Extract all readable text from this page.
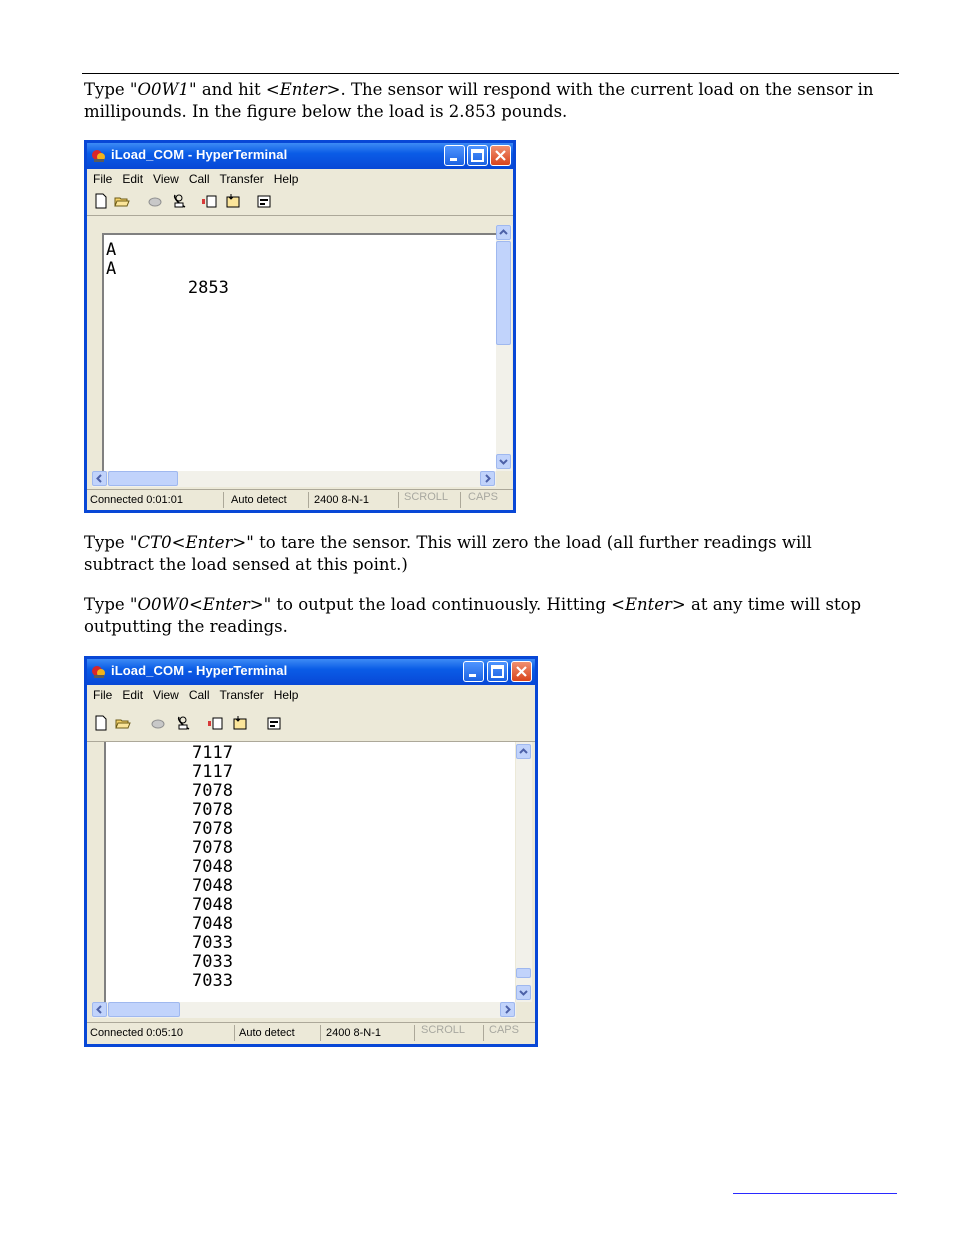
Type "O0W1" and hit <Enter>. The sensor will respond with the current load on the sensor in millipounds. In the figure below the load is 2.853 pounds.

iLoad_COM - HyperTerminal
File Edit View Call Transfer Help
A
A
2853
Connected 0:01:01	Auto detect 2400 8-N-1	SCROLL CAPS

Type "CT0<Enter>" to tare the sensor. This will zero the load (all further readings will subtract the load sensed at this point.)

Type "O0W0<Enter>" to output the load continuously. Hitting <Enter> at any time will stop outputting the readings.

iLoad_COM - HyperTerminal
File Edit View Call Transfer Help
7117
7117
7078
7078
7078
7078
7048
7048
7048
7048
7033
7033
7033
Connected 0:05:10	Auto detect	2400 8-N-1	SCROLL CAPS
